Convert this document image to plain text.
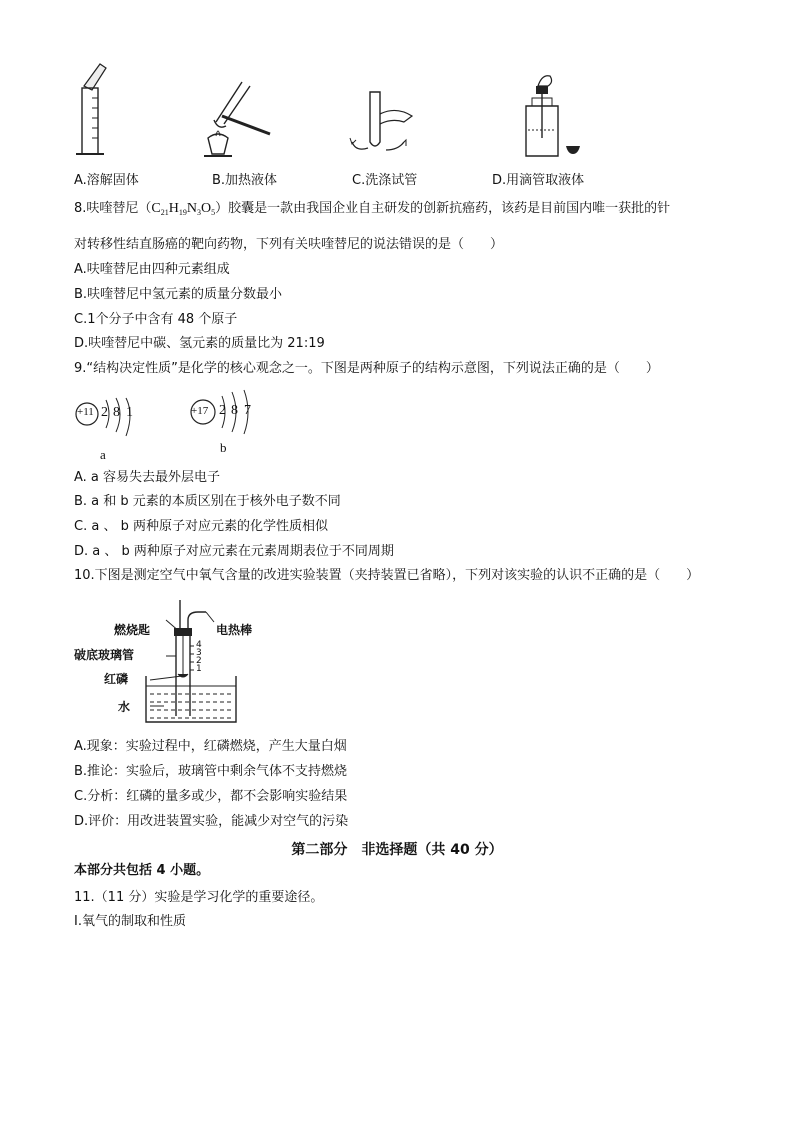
A.溶解固体	B.加热液体	C.洗涤试管	D.用滴管取液体
8.呋喹替尼$(C_{21}H_{19}N_3O_5)$胶囊是一款由我国企业自主研发的创新抗癌药，该药是目前国内唯一获批的针
对转移性结直肠癌的靶向药物，下列有关呋喹替尼的说法错误的是（　　）
A.呋喹替尼由四种元素组成
B.呋喹替尼中氢元素的质量分数最小
C.1个分子中含有 48 个原子
D.呋喹替尼中碳、氢元素的质量比为 21:19
9.“结构决定性质”是化学的核心观念之一。下图是两种原子的结构示意图，下列说法正确的是（　　）
+11 2 8 1
a
+17 2 8 7
b
A. a 容易失去最外层电子
B. a 和 b 元素的本质区别在于核外电子数不同
C. a 、 b 两种原子对应元素的化学性质相似
D. a 、 b 两种原子对应元素在元素周期表位于不同周期
10.下图是测定空气中氧气含量的改进实验装置（夹持装置已省略），下列对该实验的认识不正确的是（　　）
燃烧匙	电热棒
破底玻璃管
红磷
水
4
3
2
1
A.现象：实验过程中，红磷燃烧，产生大量白烟
B.推论：实验后，玻璃管中剩余气体不支持燃烧
C.分析：红磷的量多或少，都不会影响实验结果
D.评价：用改进装置实验，能减少对空气的污染
第二部分　非选择题（共 40 分）
本部分共包括 4 小题。
11.（11 分）实验是学习化学的重要途径。
Ⅰ.氧气的制取和性质
